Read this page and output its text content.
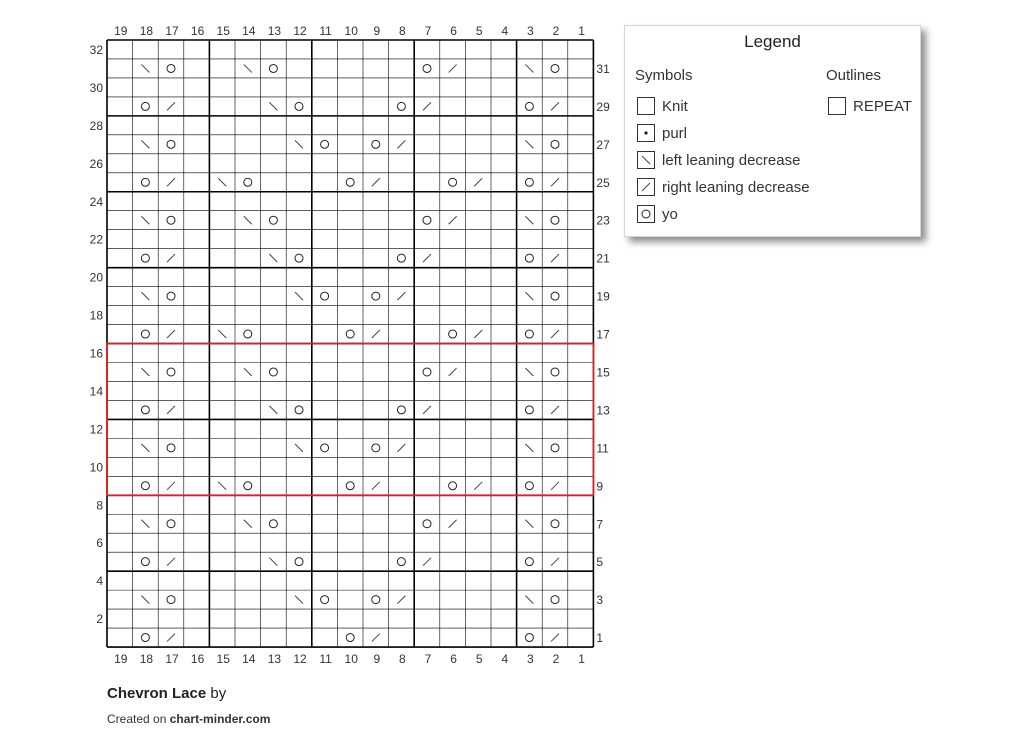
19
19
18
18
17
17
16
16
15
15
14
14
13
13
12
12
11
11
10
10
9
9
8
8
7
7
6
6
5
5
4
4
3
3
2
2
1
1
32
30
28
26
24
22
20
18
16
14
12
10
8
6
4
2
31
29
27
25
23
21
19
17
15
13
11
9
7
5
3
1
Legend
Symbols	Outlines
Knit
purl
left leaning decrease
right leaning decrease
yo
REPEAT
Chevron Lace by
Created on chart-minder.com
